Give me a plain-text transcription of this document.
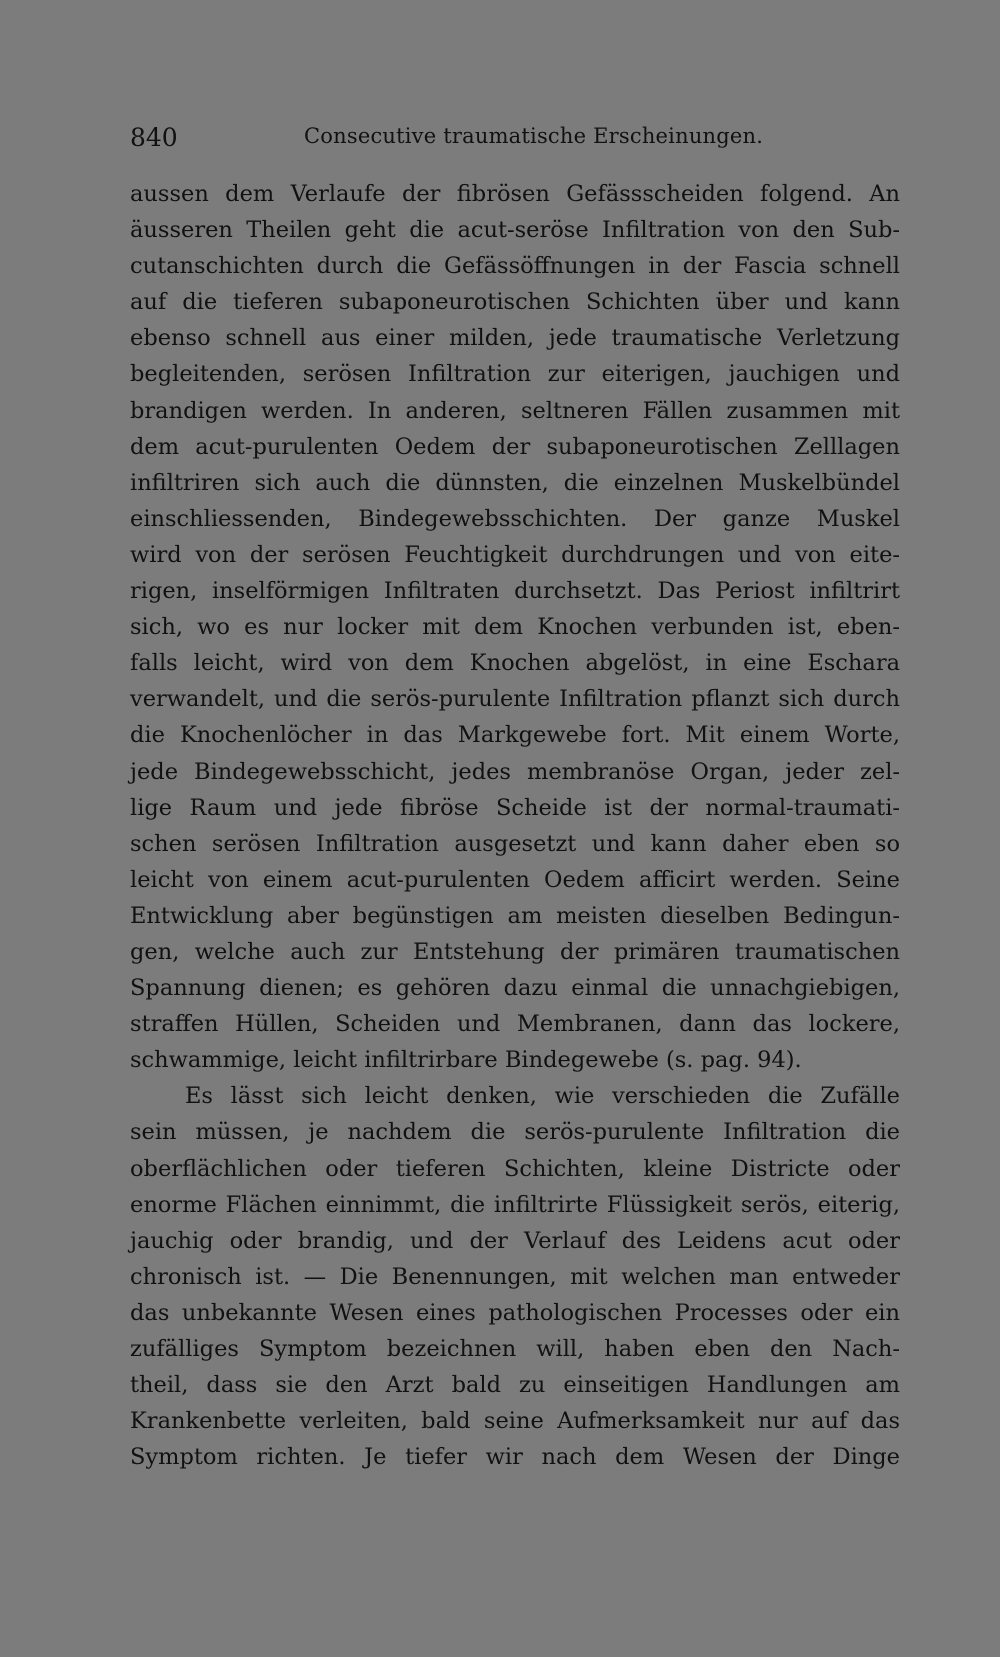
840	Consecutive traumatische Erscheinungen.
aussen dem Verlaufe der fibrösen Gefässscheiden folgend. An
äusseren Theilen geht die acut-seröse Infiltration von den Sub-
cutanschichten durch die Gefässöffnungen in der Fascia schnell
auf die tieferen subaponeurotischen Schichten über und kann
ebenso schnell aus einer milden, jede traumatische Verletzung
begleitenden, serösen Infiltration zur eiterigen, jauchigen und
brandigen werden. In anderen, seltneren Fällen zusammen mit
dem acut-purulenten Oedem der subaponeurotischen Zelllagen
infiltriren sich auch die dünnsten, die einzelnen Muskelbündel
einschliessenden, Bindegewebsschichten. Der ganze Muskel
wird von der serösen Feuchtigkeit durchdrungen und von eite-
rigen, inselförmigen Infiltraten durchsetzt. Das Periost infiltrirt
sich, wo es nur locker mit dem Knochen verbunden ist, eben-
falls leicht, wird von dem Knochen abgelöst, in eine Eschara
verwandelt, und die serös-purulente Infiltration pflanzt sich durch
die Knochenlöcher in das Markgewebe fort. Mit einem Worte,
jede Bindegewebsschicht, jedes membranöse Organ, jeder zel-
lige Raum und jede fibröse Scheide ist der normal-traumati-
schen serösen Infiltration ausgesetzt und kann daher eben so
leicht von einem acut-purulenten Oedem afficirt werden. Seine
Entwicklung aber begünstigen am meisten dieselben Bedingun-
gen, welche auch zur Entstehung der primären traumatischen
Spannung dienen; es gehören dazu einmal die unnachgiebigen,
straffen Hüllen, Scheiden und Membranen, dann das lockere,
schwammige, leicht infiltrirbare Bindegewebe (s. pag. 94).
Es lässt sich leicht denken, wie verschieden die Zufälle
sein müssen, je nachdem die serös-purulente Infiltration die
oberflächlichen oder tieferen Schichten, kleine Districte oder
enorme Flächen einnimmt, die infiltrirte Flüssigkeit serös, eiterig,
jauchig oder brandig, und der Verlauf des Leidens acut oder
chronisch ist. — Die Benennungen, mit welchen man entweder
das unbekannte Wesen eines pathologischen Processes oder ein
zufälliges Symptom bezeichnen will, haben eben den Nach-
theil, dass sie den Arzt bald zu einseitigen Handlungen am
Krankenbette verleiten, bald seine Aufmerksamkeit nur auf das
Symptom richten. Je tiefer wir nach dem Wesen der Dinge
